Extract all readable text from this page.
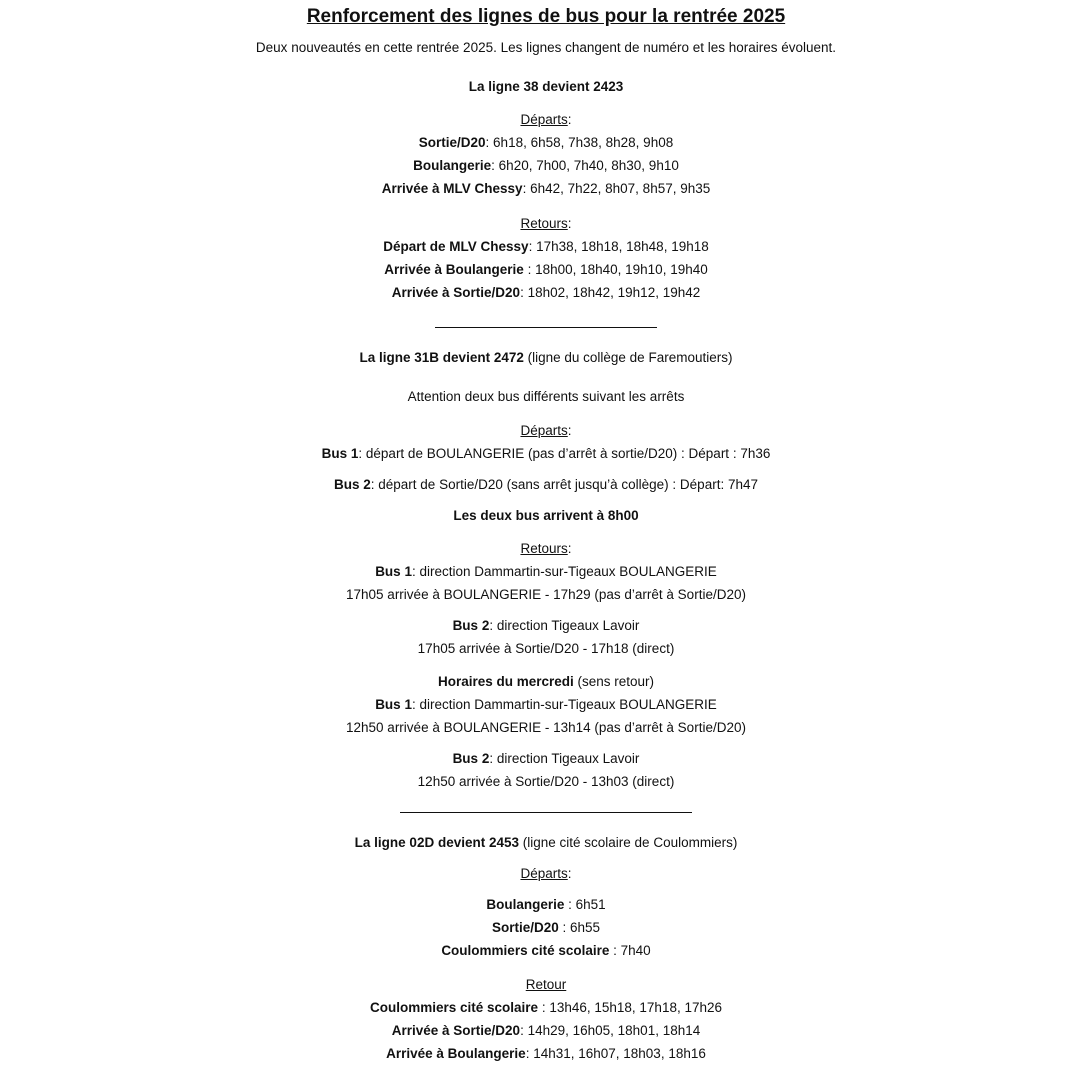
Renforcement des lignes de bus pour la rentrée 2025
Deux nouveautés en cette rentrée 2025. Les lignes changent de numéro et les horaires évoluent.
La ligne 38 devient 2423
Départs:
Sortie/D20: 6h18, 6h58, 7h38, 8h28, 9h08
Boulangerie: 6h20, 7h00, 7h40, 8h30, 9h10
Arrivée à MLV Chessy: 6h42, 7h22, 8h07, 8h57, 9h35
Retours:
Départ de MLV Chessy: 17h38, 18h18, 18h48, 19h18
Arrivée à Boulangerie : 18h00, 18h40, 19h10, 19h40
Arrivée à Sortie/D20: 18h02, 18h42, 19h12, 19h42
La ligne 31B devient 2472 (ligne du collège de Faremoutiers)
Attention deux bus différents suivant les arrêts
Départs:
Bus 1: départ de BOULANGERIE (pas d’arrêt à sortie/D20) : Départ : 7h36
Bus 2: départ de Sortie/D20 (sans arrêt jusqu’à collège) : Départ: 7h47
Les deux bus arrivent à 8h00
Retours:
Bus 1: direction Dammartin-sur-Tigeaux BOULANGERIE
17h05 arrivée à BOULANGERIE - 17h29 (pas d’arrêt à Sortie/D20)
Bus 2: direction Tigeaux Lavoir
17h05 arrivée à Sortie/D20 - 17h18 (direct)
Horaires du mercredi (sens retour)
Bus 1: direction Dammartin-sur-Tigeaux BOULANGERIE
12h50 arrivée à BOULANGERIE - 13h14 (pas d’arrêt à Sortie/D20)
Bus 2: direction Tigeaux Lavoir
12h50 arrivée à Sortie/D20 - 13h03 (direct)
La ligne 02D devient 2453 (ligne cité scolaire de Coulommiers)
Départs:
Boulangerie : 6h51
Sortie/D20 : 6h55
Coulommiers cité scolaire : 7h40
Retour
Coulommiers cité scolaire : 13h46, 15h18, 17h18, 17h26
Arrivée à Sortie/D20: 14h29, 16h05, 18h01, 18h14
Arrivée à Boulangerie: 14h31, 16h07, 18h03, 18h16
